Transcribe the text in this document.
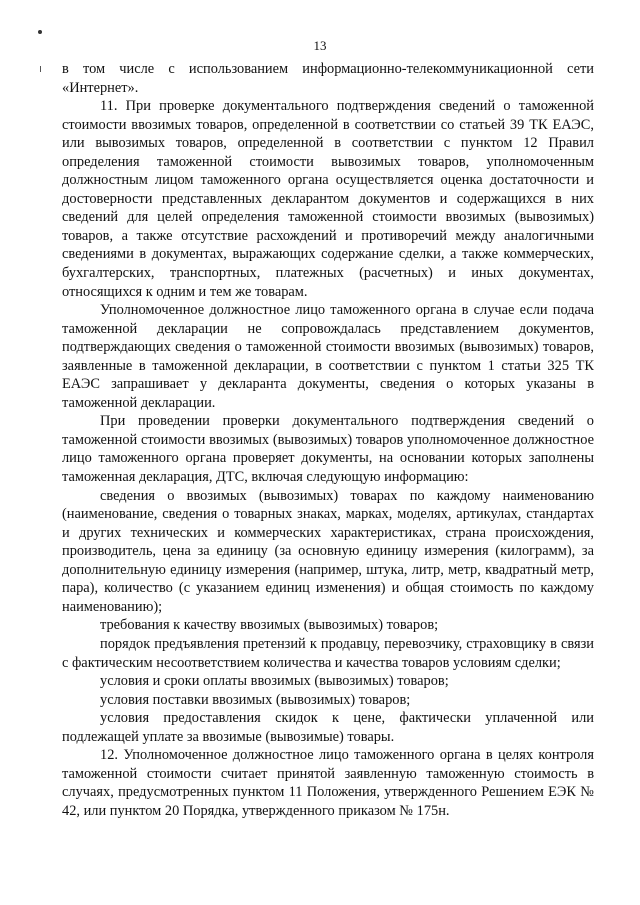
13

в том числе с использованием информационно-телекоммуникационной сети «Интернет».

11. При проверке документального подтверждения сведений о таможенной стоимости ввозимых товаров, определенной в соответствии со статьей 39 ТК ЕАЭС, или вывозимых товаров, определенной в соответствии с пунктом 12 Правил определения таможенной стоимости вывозимых товаров, уполномоченным должностным лицом таможенного органа осуществляется оценка достаточности и достоверности представленных декларантом документов и содержащихся в них сведений для целей определения таможенной стоимости ввозимых (вывозимых) товаров, а также отсутствие расхождений и противоречий между аналогичными сведениями в документах, выражающих содержание сделки, а также коммерческих, бухгалтерских, транспортных, платежных (расчетных) и иных документах, относящихся к одним и тем же товарам.

Уполномоченное должностное лицо таможенного органа в случае если подача таможенной декларации не сопровождалась представлением документов, подтверждающих сведения о таможенной стоимости ввозимых (вывозимых) товаров, заявленные в таможенной декларации, в соответствии с пунктом 1 статьи 325 ТК ЕАЭС запрашивает у декларанта документы, сведения о которых указаны в таможенной декларации.

При проведении проверки документального подтверждения сведений о таможенной стоимости ввозимых (вывозимых) товаров уполномоченное должностное лицо таможенного органа проверяет документы, на основании которых заполнены таможенная декларация, ДТС, включая следующую информацию:

сведения о ввозимых (вывозимых) товарах по каждому наименованию (наименование, сведения о товарных знаках, марках, моделях, артикулах, стандартах и других технических и коммерческих характеристиках, страна происхождения, производитель, цена за единицу (за основную единицу измерения (килограмм), за дополнительную единицу измерения (например, штука, литр, метр, квадратный метр, пара), количество (с указанием единиц изменения) и общая стоимость по каждому наименованию);

требования к качеству ввозимых (вывозимых) товаров;

порядок предъявления претензий к продавцу, перевозчику, страховщику в связи с фактическим несоответствием количества и качества товаров условиям сделки;

условия и сроки оплаты ввозимых (вывозимых) товаров;

условия поставки ввозимых (вывозимых) товаров;

условия предоставления скидок к цене, фактически уплаченной или подлежащей уплате за ввозимые (вывозимые) товары.

12. Уполномоченное должностное лицо таможенного органа в целях контроля таможенной стоимости считает принятой заявленную таможенную стоимость в случаях, предусмотренных пунктом 11 Положения, утвержденного Решением ЕЭК № 42, или пунктом 20 Порядка, утвержденного приказом № 175н.
